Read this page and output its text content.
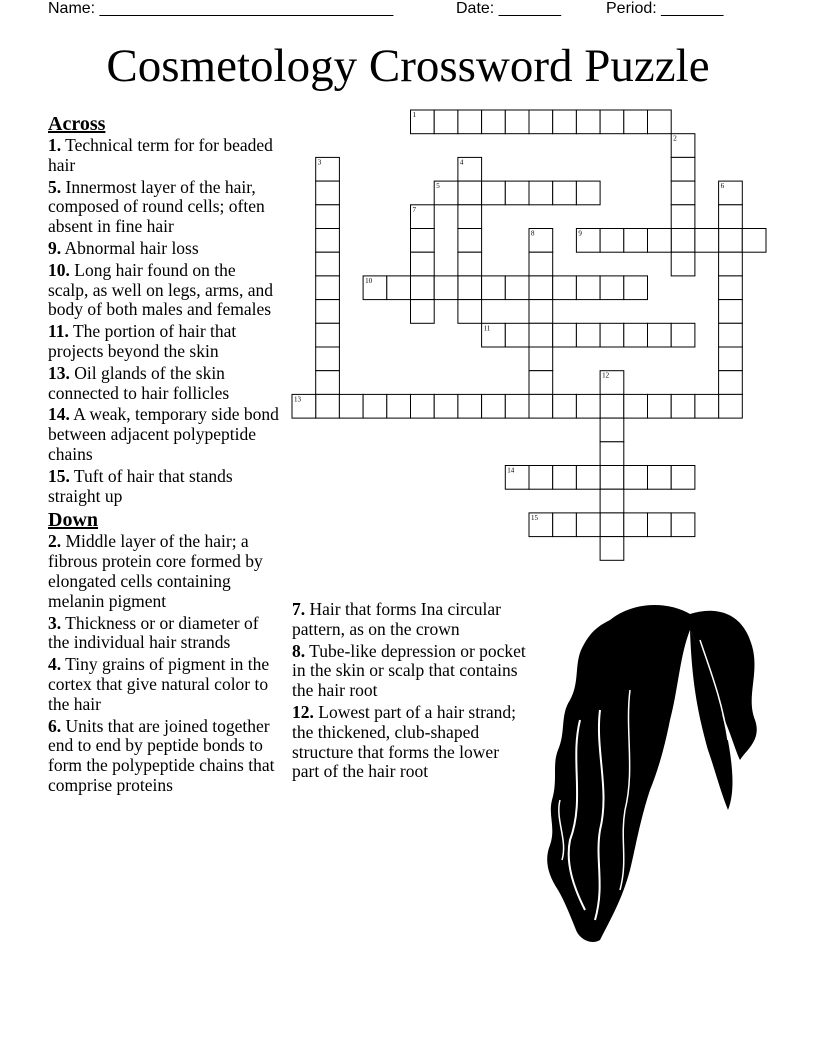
Name: _________________________________	Date: _______	Period: _______
Cosmetology Crossword Puzzle
Across
1. Technical term for for beaded hair
5. Innermost layer of the hair, composed of round cells; often absent in fine hair
9. Abnormal hair loss
10. Long hair found on the scalp, as well on legs, arms, and body of both males and females
11. The portion of hair that projects beyond the skin
13. Oil glands of the skin connected to hair follicles
14. A weak, temporary side bond between adjacent polypeptide chains
15. Tuft of hair that stands straight up
Down
2. Middle layer of the hair; a fibrous protein core formed by elongated cells containing melanin pigment
3. Thickness or or diameter of the individual hair strands
4. Tiny grains of pigment in the cortex that give natural color to the hair
6. Units that are joined together end to end by peptide bonds to form the polypeptide chains that comprise proteins
7. Hair that forms Ina circular pattern, as on the crown
8. Tube-like depression or pocket in the skin or scalp that contains the hair root
12. Lowest part of a hair strand; the thickened, club-shaped structure that forms the lower part of the hair root
1
2
3	4
5	6
7
8	9
10
11
12
13
14
15
